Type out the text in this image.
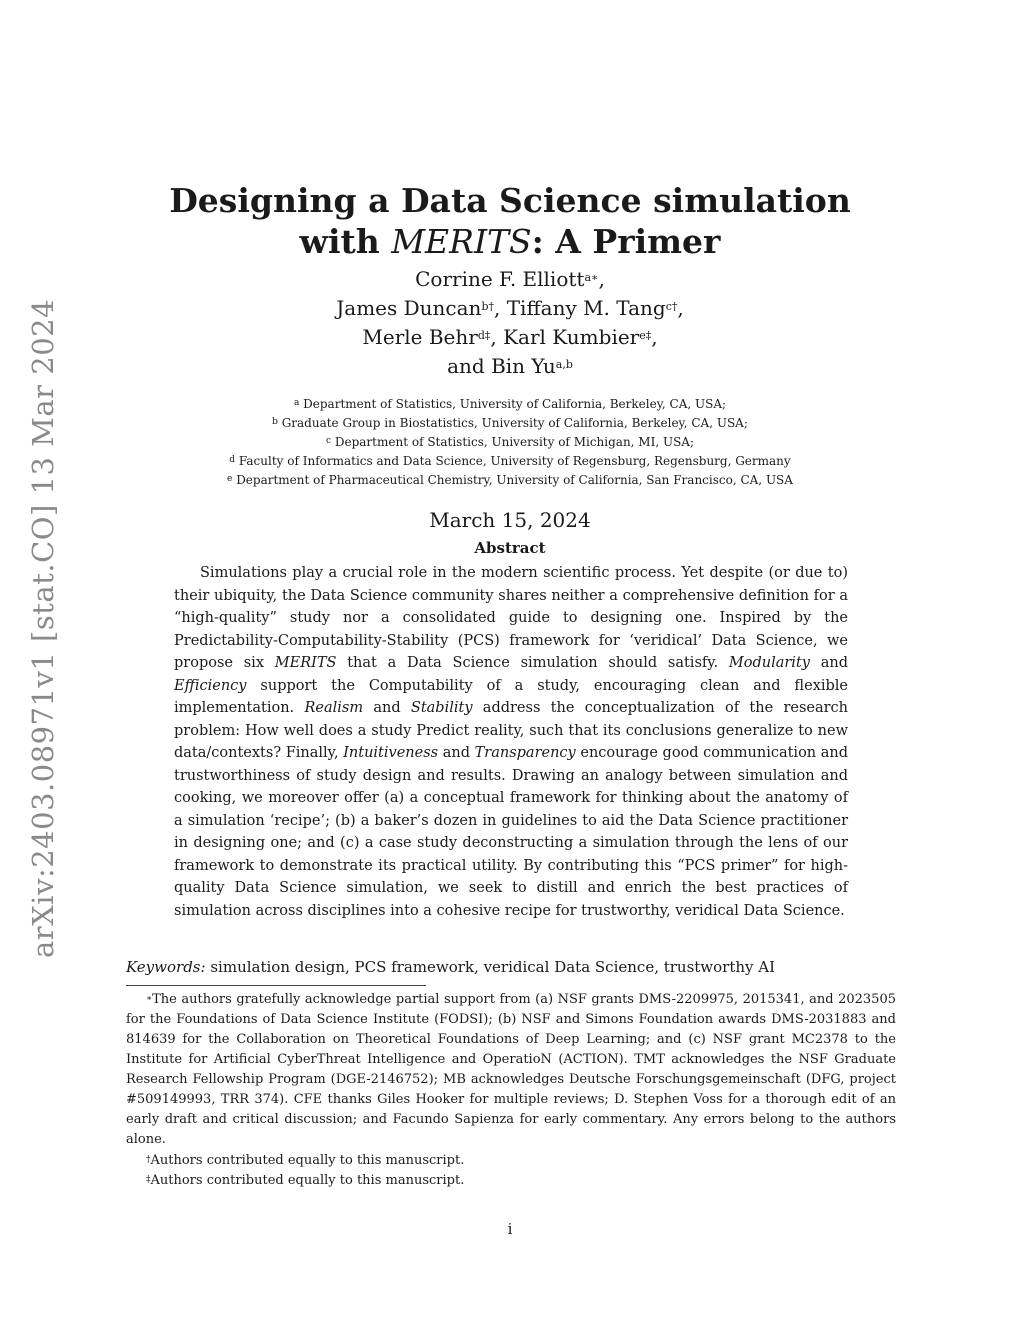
arXiv:2403.08971v1 [stat.CO] 13 Mar 2024
Designing a Data Science simulation
with MERITS: A Primer
Corrine F. Elliott$^{a∗}$,
James Duncan$^{b\dagger}$, Tiffany M. Tang$^{c\dagger}$,
Merle Behr$^{d\ddagger}$, Karl Kumbier$^{e\ddagger}$,
and Bin Yu$^{a,b}$
$^a$ Department of Statistics, University of California, Berkeley, CA, USA;
$^b$ Graduate Group in Biostatistics, University of California, Berkeley, CA, USA;
$^c$ Department of Statistics, University of Michigan, MI, USA;
$^d$ Faculty of Informatics and Data Science, University of Regensburg, Regensburg, Germany
$^e$ Department of Pharmaceutical Chemistry, University of California, San Francisco, CA, USA
March 15, 2024
Abstract
Simulations play a crucial role in the modern scientific process. Yet despite (or due to) their ubiquity, the Data Science community shares neither a comprehensive definition for a “high-quality” study nor a consolidated guide to designing one. Inspired by the Predictability-Computability-Stability (PCS) framework for ‘veridical’ Data Science, we propose six MERITS that a Data Science simulation should satisfy. Modularity and Efficiency support the Computability of a study, encouraging clean and flexible implementation. Realism and Stability address the conceptualization of the research problem: How well does a study Predict reality, such that its conclusions generalize to new data/contexts? Finally, Intuitiveness and Transparency encourage good communication and trustworthiness of study design and results. Drawing an analogy between simulation and cooking, we moreover offer (a) a conceptual framework for thinking about the anatomy of a simulation ‘recipe’; (b) a baker’s dozen in guidelines to aid the Data Science practitioner in designing one; and (c) a case study deconstructing a simulation through the lens of our framework to demonstrate its practical utility. By contributing this “PCS primer” for high-quality Data Science simulation, we seek to distill and enrich the best practices of simulation across disciplines into a cohesive recipe for trustworthy, veridical Data Science.
Keywords: simulation design, PCS framework, veridical Data Science, trustworthy AI
∗The authors gratefully acknowledge partial support from (a) NSF grants DMS-2209975, 2015341, and 2023505 for the Foundations of Data Science Institute (FODSI); (b) NSF and Simons Foundation awards DMS-2031883 and 814639 for the Collaboration on Theoretical Foundations of Deep Learning; and (c) NSF grant MC2378 to the Institute for Artificial CyberThreat Intelligence and OperatioN (ACTION). TMT acknowledges the NSF Graduate Research Fellowship Program (DGE-2146752); MB acknowledges Deutsche Forschungsgemeinschaft (DFG, project #509149993, TRR 374). CFE thanks Giles Hooker for multiple reviews; D. Stephen Voss for a thorough edit of an early draft and critical discussion; and Facundo Sapienza for early commentary. Any errors belong to the authors alone.
†Authors contributed equally to this manuscript.
‡Authors contributed equally to this manuscript.
i
